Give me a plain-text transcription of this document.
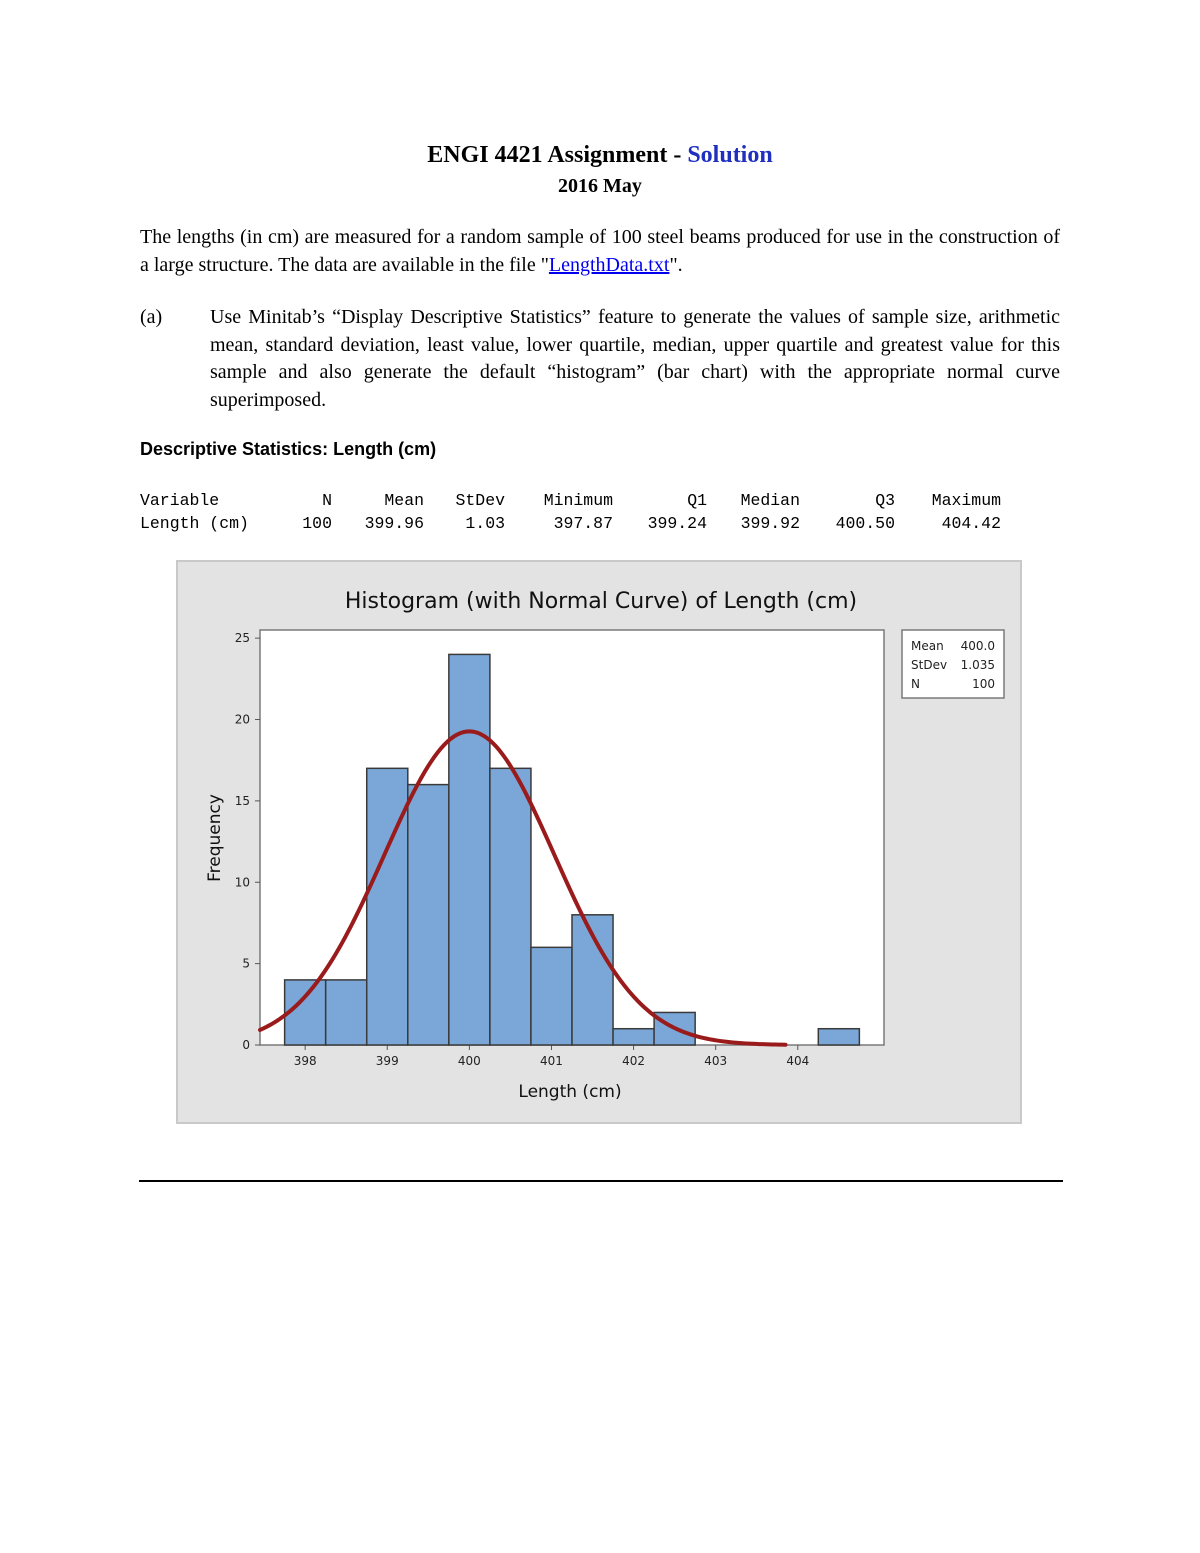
ENGI 4421 Assignment - Solution
2016 May
The lengths (in cm) are measured for a random sample of 100 steel beams produced for use in the construction of a large structure. The data are available in the file "LengthData.txt".
(a) Use Minitab’s “Display Descriptive Statistics” feature to generate the values of sample size, arithmetic mean, standard deviation, least value, lower quartile, median, upper quartile and greatest value for this sample and also generate the default “histogram” (bar chart) with the appropriate normal curve superimposed.
Descriptive Statistics: Length (cm)
Variable	N	Mean	StDev	Minimum	Q1	Median	Q3	Maximum
Length (cm)	100	399.96	1.03	397.87	399.24	399.92	400.50	404.42
Histogram (with Normal Curve) of Length (cm)
0
5
10
15
20
25
398	399	400	401	402	403	404
Length (cm)
Frequency
Mean 400.0
StDev 1.035
N	100
